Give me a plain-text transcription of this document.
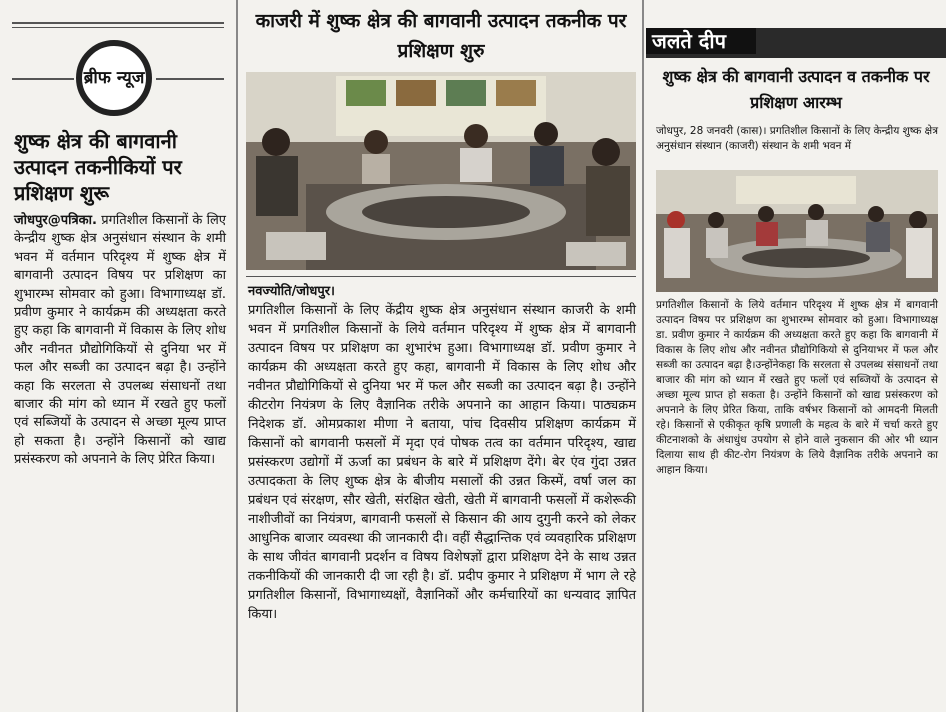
ब्रीफ न्यूज
शुष्क क्षेत्र की बागवानी उत्पादन तकनीकियों पर प्रशिक्षण शुरू
जोधपुर@पत्रिका. प्रगतिशील किसानों के लिए केन्द्रीय शुष्क क्षेत्र अनुसंधान संस्थान के शमी भवन में वर्तमान परिदृश्य में शुष्क क्षेत्र में बागवानी उत्पादन विषय पर प्रशिक्षण का शुभारम्भ सोमवार को हुआ। विभागाध्यक्ष डॉ. प्रवीण कुमार ने कार्यक्रम की अध्यक्षता करते हुए कहा कि बागवानी में विकास के लिए शोध और नवीनत प्रौद्योगिकियों से दुनिया भर में फल और सब्जी का उत्पादन बढ़ा है। उन्होंने कहा कि सरलता से उपलब्ध संसाधनों तथा बाजार की मांग को ध्यान में रखते हुए फलों एवं सब्जियों के उत्पादन से अच्छा मूल्य प्राप्त हो सकता है। उन्होंने किसानों को खाद्य प्रसंस्करण को अपनाने के लिए प्रेरित किया।
काजरी में शुष्क क्षेत्र की बागवानी उत्पादन तकनीक पर प्रशिक्षण शुरु
नवज्योति/जोधपुर।
प्रगतिशील किसानों के लिए केंद्रीय शुष्क क्षेत्र अनुसंधान संस्थान काजरी के शमी भवन में प्रगतिशील किसानों के लिये वर्तमान परिदृश्य में शुष्क क्षेत्र में बागवानी उत्पादन विषय पर प्रशिक्षण का शुभारंभ हुआ। विभागाध्यक्ष डॉ. प्रवीण कुमार ने कार्यक्रम की अध्यक्षता करते हुए कहा, बागवानी में विकास के लिए शोध और नवीनत प्रौद्योगिकियों से दुनिया भर में फल और सब्जी का उत्पादन बढ़ा है। उन्होंने कीटरोग नियंत्रण के लिए वैज्ञानिक तरीके अपनाने का आहान किया। पाठ्यक्रम निदेशक डॉ. ओमप्रकाश मीणा ने बताया, पांच दिवसीय प्रशिक्षण कार्यक्रम में किसानों को बागवानी फसलों में मृदा एवं पोषक तत्व का वर्तमान परिदृश्य, खाद्य प्रसंस्करण उद्योगों में ऊर्जा का प्रबंधन के बारे में प्रशिक्षण देंगे। बेर एंव गुंदा उन्नत उत्पादकता के लिए शुष्क क्षेत्र के बीजीय मसालों की उन्नत किस्में, वर्षा जल का प्रबंधन एवं संरक्षण, सौर खेती, संरक्षित खेती, खेती में बागवानी फसलों में कशेरूकी नाशीजीवों का नियंत्रण, बागवानी फसलों से किसान की आय दुगुनी करने को लेकर आधुनिक बाजार व्यवस्था की जानकारी दी। वहीं सैद्धान्तिक एवं व्यवहारिक प्रशिक्षण के साथ जीवंत बागवानी प्रदर्शन व विषय विशेषज्ञों द्वारा प्रशिक्षण देने के साथ उन्नत तकनीकियों की जानकारी दी जा रही है। डॉ. प्रदीप कुमार ने प्रशिक्षण में भाग ले रहे प्रगतिशील किसानों, विभागाध्यक्षों, वैज्ञानिकों और कर्मचारियों का धन्यवाद ज्ञापित किया।
जलते दीप
शुष्क क्षेत्र की बागवानी उत्पादन व तकनीक पर प्रशिक्षण आरम्भ
जोधपुर, 28 जनवरी (कास)। प्रगतिशील किसानों के लिए केन्द्रीय शुष्क क्षेत्र अनुसंधान संस्थान (काजरी) संस्थान के शमी भवन में
प्रगतिशील किसानों के लिये वर्तमान परिदृश्य में शुष्क क्षेत्र में बागवानी उत्पादन विषय पर प्रशिक्षण का शुभारम्भ सोमवार को हुआ। विभागाध्यक्ष डा. प्रवीण कुमार ने कार्यक्रम की अध्यक्षता करते हुए कहा कि बागवानी में विकास के लिए शोध और नवीनत प्रौद्योगिकियो से दुनियाभर में फल और सब्जी का उत्पादन बढ़ा है।उन्होंनेकहा कि सरलता से उपलब्ध संसाधनों तथा बाजार की मांग को ध्यान में रखते हुए फलों एवं सब्जियों के उत्पादन से अच्छा मूल्य प्राप्त हो सकता है। उन्होंने किसानों को खाद्य प्रसंस्करण को अपनाने के लिए प्रेरित किया, ताकि वर्षभर किसानों को आमदनी मिलती रहे। किसानों से एकीकृत कृषि प्रणाली के महत्व के बारे में चर्चा करते हुए कीटनाशको के अंधाधुंध उपयोग से होने वाले नुकसान की ओर भी ध्यान दिलाया साथ ही कीट-रोग नियंत्रण के लिये वैज्ञानिक तरीके अपनाने का आहान किया।
